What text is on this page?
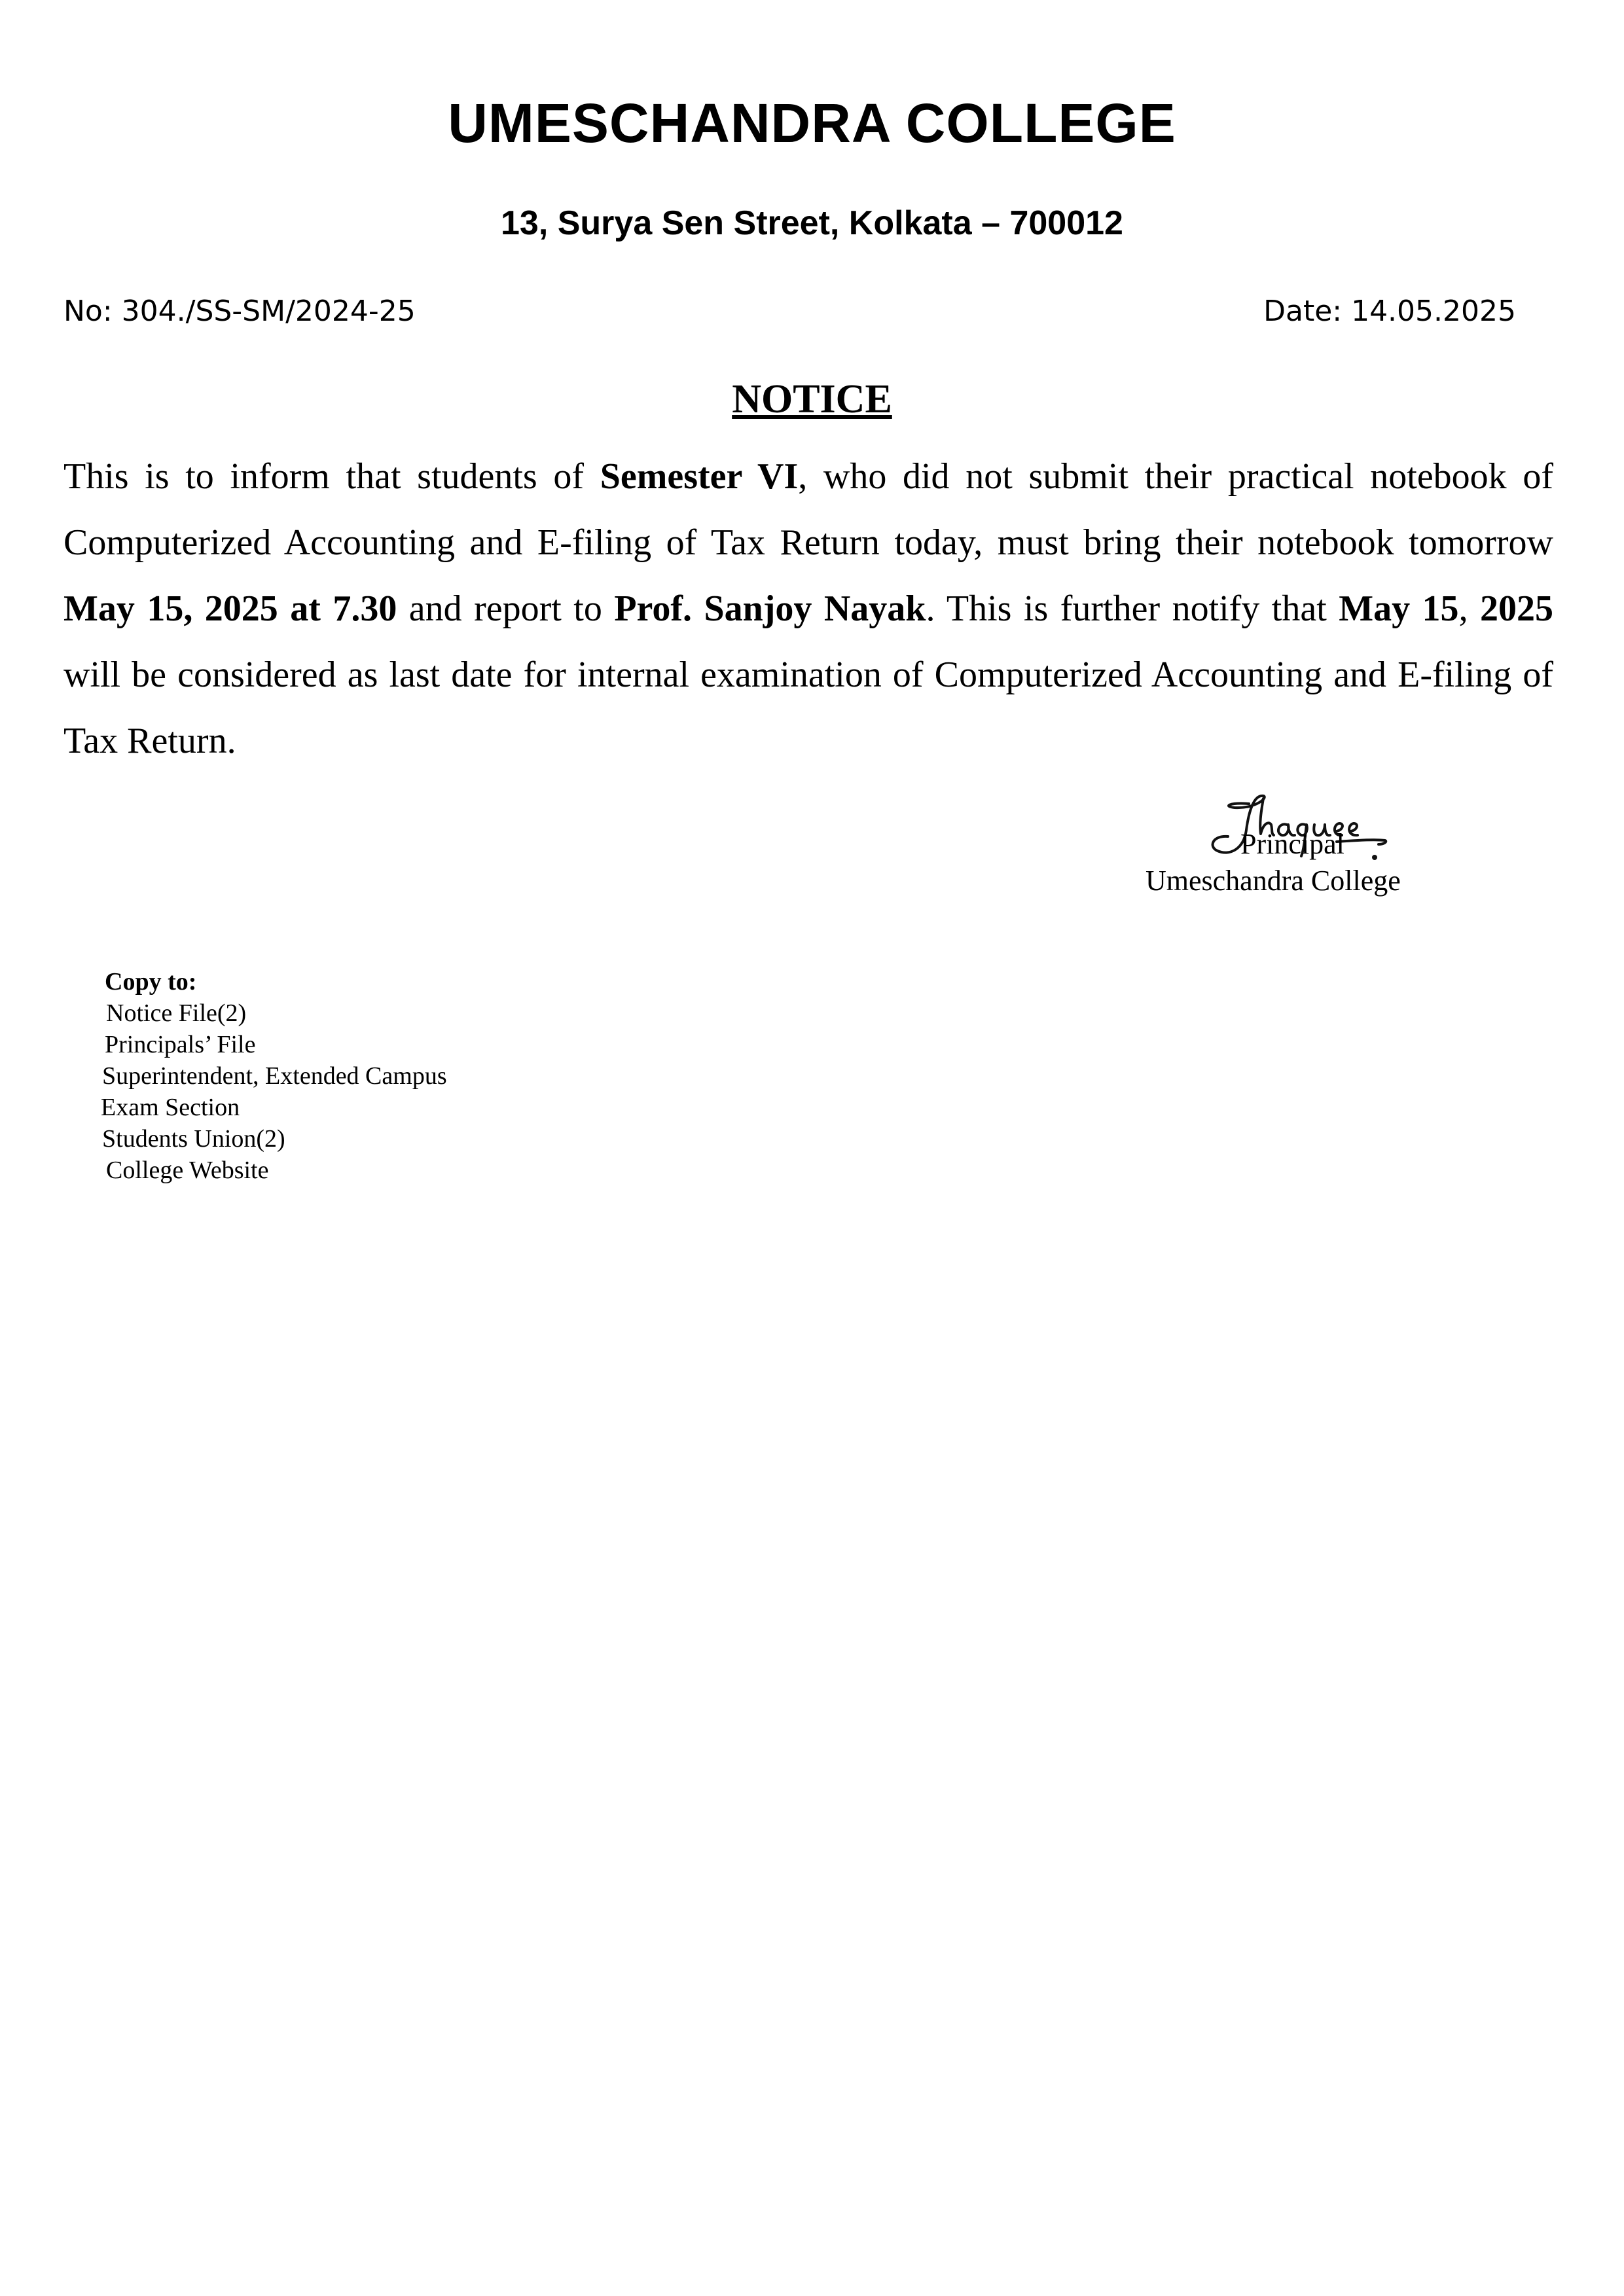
UMESCHANDRA COLLEGE
13, Surya Sen Street, Kolkata – 700012
No: 304./SS-SM/2024-25	Date: 14.05.2025
NOTICE
This is to inform that students of Semester VI, who did not submit their practical notebook of Computerized Accounting and E-filing of Tax Return today, must bring their notebook tomorrow May 15, 2025 at 7.30 and report to Prof. Sanjoy Nayak. This is further notify that May 15, 2025 will be considered as last date for internal examination of Computerized Accounting and E-filing of Tax Return.
Principal
Umeschandra College
Copy to:
Notice File(2)
Principals’ File
Superintendent, Extended Campus
Exam Section
Students Union(2)
College Website
